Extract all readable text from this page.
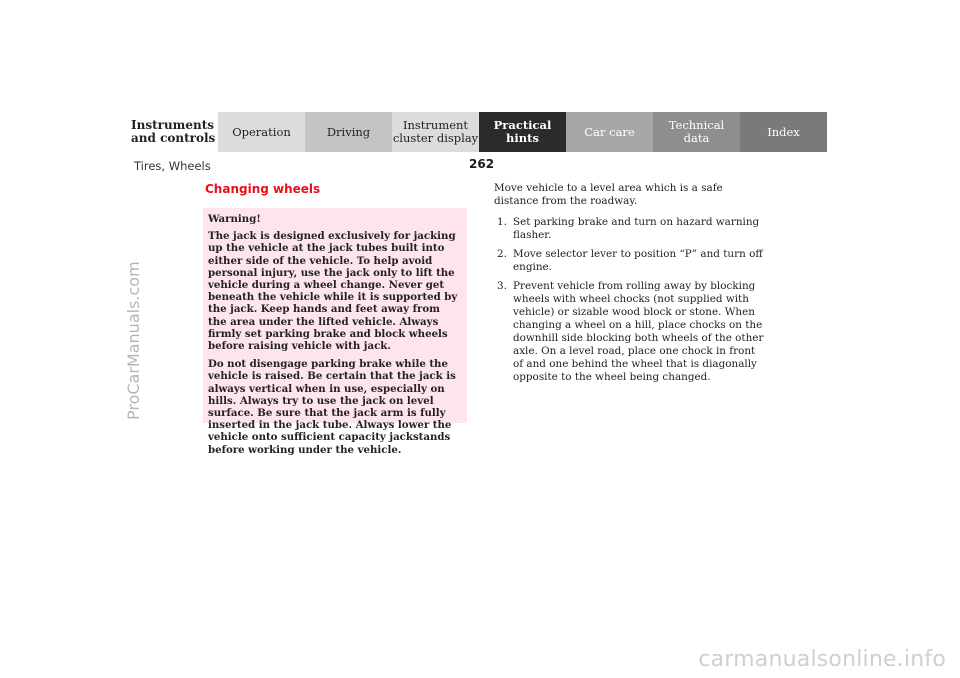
Instruments
and controls Operation	Driving	Instrument
cluster display
Practical hints	Car care	Technical
data	Index
Tires, Wheels	262
Changing wheels

Warning!

The jack is designed exclusively for jacking up the vehicle at the jack tubes built into either side of the vehicle. To help avoid personal injury, use the jack only to lift the vehicle during a wheel change. Never get beneath the vehicle while it is supported by the jack. Keep hands and feet away from the area under the lifted vehicle. Always firmly set parking brake and block wheels before raising vehicle with jack.

Do not disengage parking brake while the vehicle is raised. Be certain that the jack is always vertical when in use, especially on hills. Always try to use the jack on level surface. Be sure that the jack arm is fully inserted in the jack tube. Always lower the vehicle onto sufficient capacity jackstands before working under the vehicle.

Move vehicle to a level area which is a safe distance from the roadway.

1. Set parking brake and turn on hazard warning flasher.
2. Move selector lever to position “P” and turn off engine.
3. Prevent vehicle from rolling away by blocking wheels with wheel chocks (not supplied with vehicle) or sizable wood block or stone. When changing a wheel on a hill, place chocks on the downhill side blocking both wheels of the other axle. On a level road, place one chock in front of and one behind the wheel that is diagonally opposite to the wheel being changed.
ProCarManuals.com
carmanualsonline.info
